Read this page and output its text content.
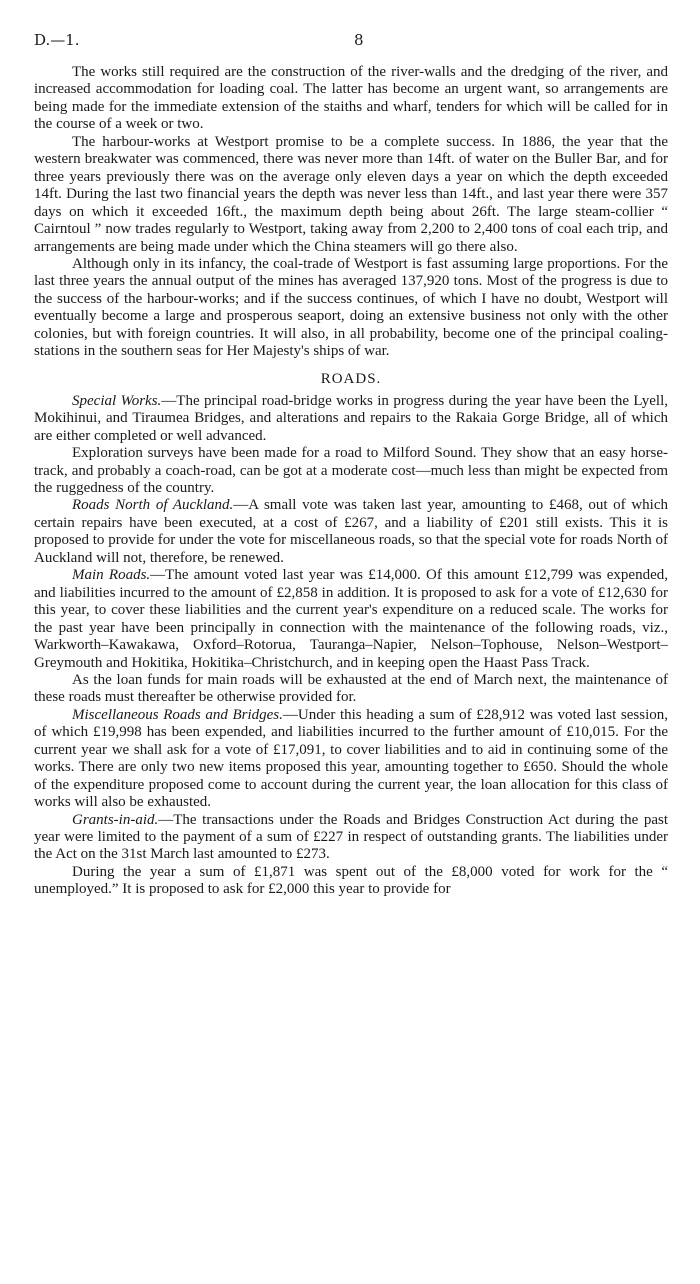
D.—1.	8

The works still required are the construction of the river-walls and the dredging of the river, and increased accommodation for loading coal. The latter has become an urgent want, so arrangements are being made for the immediate extension of the staiths and wharf, tenders for which will be called for in the course of a week or two.

The harbour-works at Westport promise to be a complete success. In 1886, the year that the western breakwater was commenced, there was never more than 14ft. of water on the Buller Bar, and for three years previously there was on the average only eleven days a year on which the depth exceeded 14ft. During the last two financial years the depth was never less than 14ft., and last year there were 357 days on which it exceeded 16ft., the maximum depth being about 26ft. The large steam-collier “ Cairntoul ” now trades regularly to Westport, taking away from 2,200 to 2,400 tons of coal each trip, and arrangements are being made under which the China steamers will go there also.

Although only in its infancy, the coal-trade of Westport is fast assuming large proportions. For the last three years the annual output of the mines has averaged 137,920 tons. Most of the progress is due to the success of the harbour-works; and if the success continues, of which I have no doubt, Westport will eventually become a large and prosperous seaport, doing an extensive business not only with the other colonies, but with foreign countries. It will also, in all probability, become one of the principal coaling-stations in the southern seas for Her Majesty's ships of war.

ROADS.

Special Works.—The principal road-bridge works in progress during the year have been the Lyell, Mokihinui, and Tiraumea Bridges, and alterations and repairs to the Rakaia Gorge Bridge, all of which are either completed or well advanced.

Exploration surveys have been made for a road to Milford Sound. They show that an easy horse-track, and probably a coach-road, can be got at a moderate cost—much less than might be expected from the ruggedness of the country.

Roads North of Auckland.—A small vote was taken last year, amounting to £468, out of which certain repairs have been executed, at a cost of £267, and a liability of £201 still exists. This it is proposed to provide for under the vote for miscellaneous roads, so that the special vote for roads North of Auckland will not, therefore, be renewed.

Main Roads.—The amount voted last year was £14,000. Of this amount £12,799 was expended, and liabilities incurred to the amount of £2,858 in addition. It is proposed to ask for a vote of £12,630 for this year, to cover these liabilities and the current year's expenditure on a reduced scale. The works for the past year have been principally in connection with the maintenance of the following roads, viz., Warkworth–Kawakawa, Oxford–Rotorua, Tauranga–Napier, Nelson–Tophouse, Nelson–Westport–Greymouth and Hokitika, Hokitika–Christchurch, and in keeping open the Haast Pass Track.

As the loan funds for main roads will be exhausted at the end of March next, the maintenance of these roads must thereafter be otherwise provided for.

Miscellaneous Roads and Bridges.—Under this heading a sum of £28,912 was voted last session, of which £19,998 has been expended, and liabilities incurred to the further amount of £10,015. For the current year we shall ask for a vote of £17,091, to cover liabilities and to aid in continuing some of the works. There are only two new items proposed this year, amounting together to £650. Should the whole of the expenditure proposed come to account during the current year, the loan allocation for this class of works will also be exhausted.

Grants-in-aid.—The transactions under the Roads and Bridges Construction Act during the past year were limited to the payment of a sum of £227 in respect of outstanding grants. The liabilities under the Act on the 31st March last amounted to £273.

During the year a sum of £1,871 was spent out of the £8,000 voted for work for the “ unemployed.” It is proposed to ask for £2,000 this year to provide for
